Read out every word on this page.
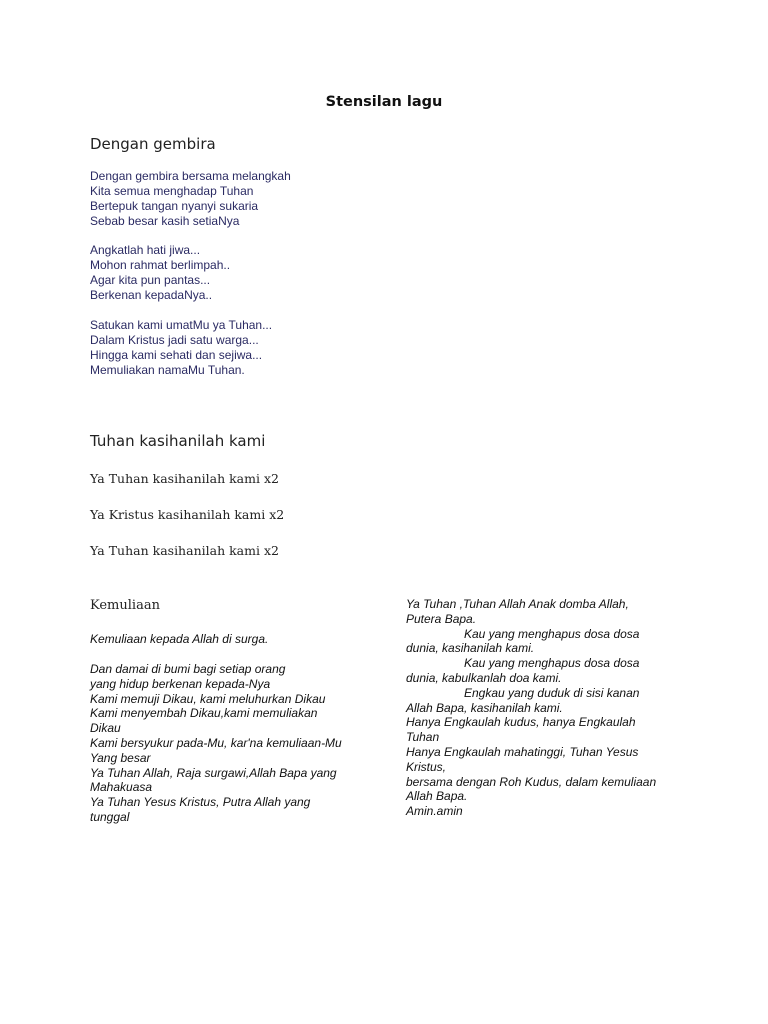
Stensilan lagu
Dengan gembira
Dengan gembira bersama melangkah
Kita semua menghadap Tuhan
Bertepuk tangan nyanyi sukaria
Sebab besar kasih setiaNya
Angkatlah hati jiwa...
Mohon rahmat berlimpah..
Agar kita pun pantas...
Berkenan kepadaNya..
Satukan kami umatMu ya Tuhan...
Dalam Kristus jadi satu warga...
Hingga kami sehati dan sejiwa...
Memuliakan namaMu Tuhan.
Tuhan kasihanilah kami
Ya Tuhan kasihanilah kami x2
Ya Kristus kasihanilah kami x2
Ya Tuhan kasihanilah kami x2
Kemuliaan
Kemuliaan kepada Allah di surga.
Dan damai di bumi bagi setiap orang
yang hidup berkenan kepada-Nya
Kami memuji Dikau, kami meluhurkan Dikau
Kami menyembah Dikau,kami memuliakan
Dikau
Kami bersyukur pada-Mu, kar'na kemuliaan-Mu
Yang besar
Ya Tuhan Allah, Raja surgawi,Allah Bapa yang
Mahakuasa
Ya Tuhan Yesus Kristus, Putra Allah yang
tunggal
Ya Tuhan ,Tuhan Allah Anak domba Allah,
Putera Bapa.
Kau yang menghapus dosa dosa
dunia, kasihanilah kami.
Kau yang menghapus dosa dosa
dunia, kabulkanlah doa kami.
Engkau yang duduk di sisi kanan
Allah Bapa, kasihanilah kami.
Hanya Engkaulah kudus, hanya Engkaulah
Tuhan
Hanya Engkaulah mahatinggi, Tuhan Yesus
Kristus,
bersama dengan Roh Kudus, dalam kemuliaan
Allah Bapa.
Amin.amin
